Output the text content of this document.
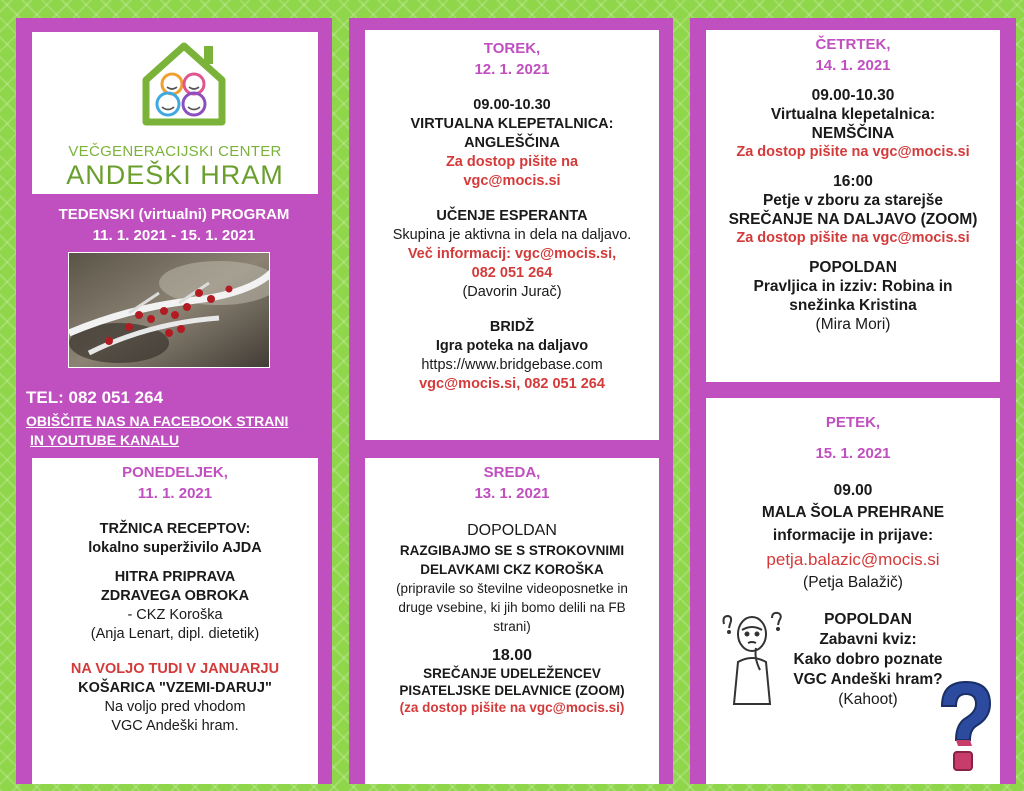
VEČGENERACIJSKI CENTER
ANDEŠKI HRAM
TEDENSKI (virtualni) PROGRAM
11. 1. 2021 - 15. 1. 2021
TEL: 082 051 264
OBIŠČITE NAS NA FACEBOOK STRANI
IN YOUTUBE KANALU
PONEDELJEK,
11. 1. 2021
TRŽNICA RECEPTOV:
lokalno superživilo AJDA
HITRA PRIPRAVA
ZDRAVEGA OBROKA
- CKZ Koroška
(Anja Lenart, dipl. dietetik)
NA VOLJO TUDI V JANUARJU
KOŠARICA "VZEMI-DARUJ"
Na voljo pred vhodom
VGC Andeški hram.
TOREK,
12. 1. 2021
09.00-10.30
VIRTUALNA KLEPETALNICA:
ANGLEŠČINA
Za dostop pišite na
vgc@mocis.si
UČENJE ESPERANTA
Skupina je aktivna in dela na daljavo.
Več informacij: vgc@mocis.si,
082 051 264
(Davorin Jurač)
BRIDŽ
Igra poteka na daljavo
https://www.bridgebase.com
vgc@mocis.si, 082 051 264
SREDA,
13. 1. 2021
DOPOLDAN
RAZGIBAJMO SE S STROKOVNIMI
DELAVKAMI CKZ KOROŠKA
(pripravile so številne videoposnetke in
druge vsebine, ki jih bomo delili na FB
strani)
18.00
SREČANJE UDELEŽENCEV
PISATELJSKE DELAVNICE (ZOOM)
(za dostop pišite na vgc@mocis.si)
ČETRTEK,
14. 1. 2021
09.00-10.30
Virtualna klepetalnica:
NEMŠČINA
Za dostop pišite na vgc@mocis.si
16:00
Petje v zboru za starejše
SREČANJE NA DALJAVO (ZOOM)
Za dostop pišite na vgc@mocis.si
POPOLDAN
Pravljica in izziv: Robina in
snežinka Kristina
(Mira Mori)
PETEK,
15. 1. 2021
09.00
MALA ŠOLA PREHRANE
informacije in prijave:
petja.balazic@mocis.si
(Petja Balažič)
POPOLDAN
Zabavni kviz:
Kako dobro poznate
VGC Andeški hram?
(Kahoot)
